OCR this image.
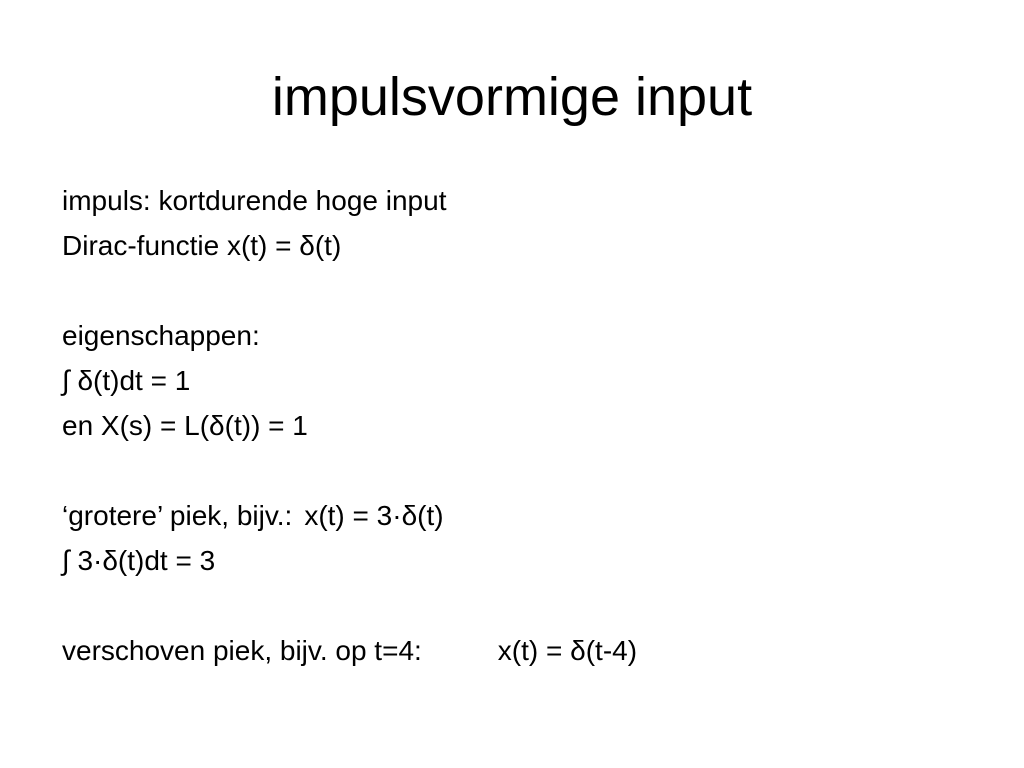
impulsvormige input
impuls: kortdurende hoge input
Dirac-functie x(t) = δ(t)
eigenschappen:
∫ δ(t)dt = 1
en X(s) = L(δ(t)) = 1
‘grotere’ piek, bijv.: x(t) = 3·δ(t)
∫ 3·δ(t)dt = 3
verschoven piek, bijv. op t=4:	x(t) = δ(t-4)
